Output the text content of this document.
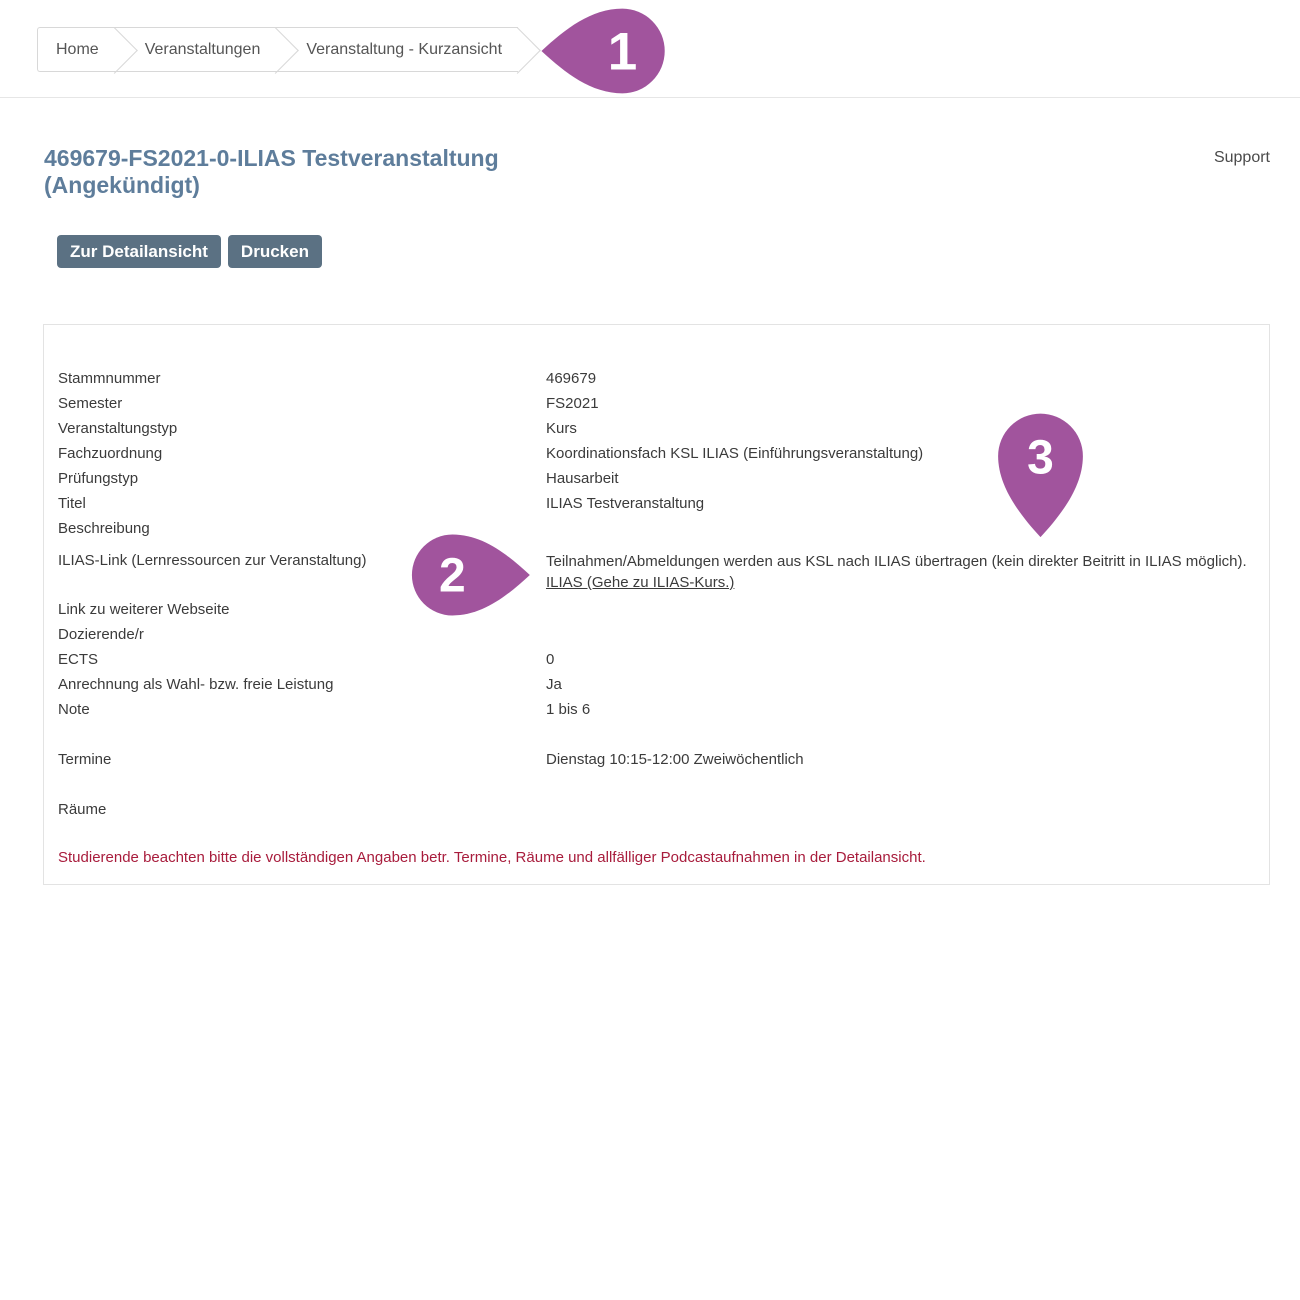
Home	Veranstaltungen	Veranstaltung - Kurzansicht
469679-FS2021-0-ILIAS Testveranstaltung
(Angekündigt)
Support
Zur Detailansicht	Drucken
Stammnummer	469679
Semester	FS2021
Veranstaltungstyp	Kurs
Fachzuordnung	Koordinationsfach KSL ILIAS (Einführungsveranstaltung)
Prüfungstyp	Hausarbeit
Titel	ILIAS Testveranstaltung
Beschreibung
ILIAS-Link (Lernressourcen zur Veranstaltung)	Teilnahmen/Abmeldungen werden aus KSL nach ILIAS übertragen (kein direkter Beitritt in ILIAS möglich).
ILIAS (Gehe zu ILIAS-Kurs.)
Link zu weiterer Webseite
Dozierende/r
ECTS	0
Anrechnung als Wahl- bzw. freie Leistung	Ja
Note	1 bis 6
Termine	Dienstag 10:15-12:00 Zweiwöchentlich
Räume
Studierende beachten bitte die vollständigen Angaben betr. Termine, Räume und allfälliger Podcastaufnahmen in der Detailansicht.
1
2
3
